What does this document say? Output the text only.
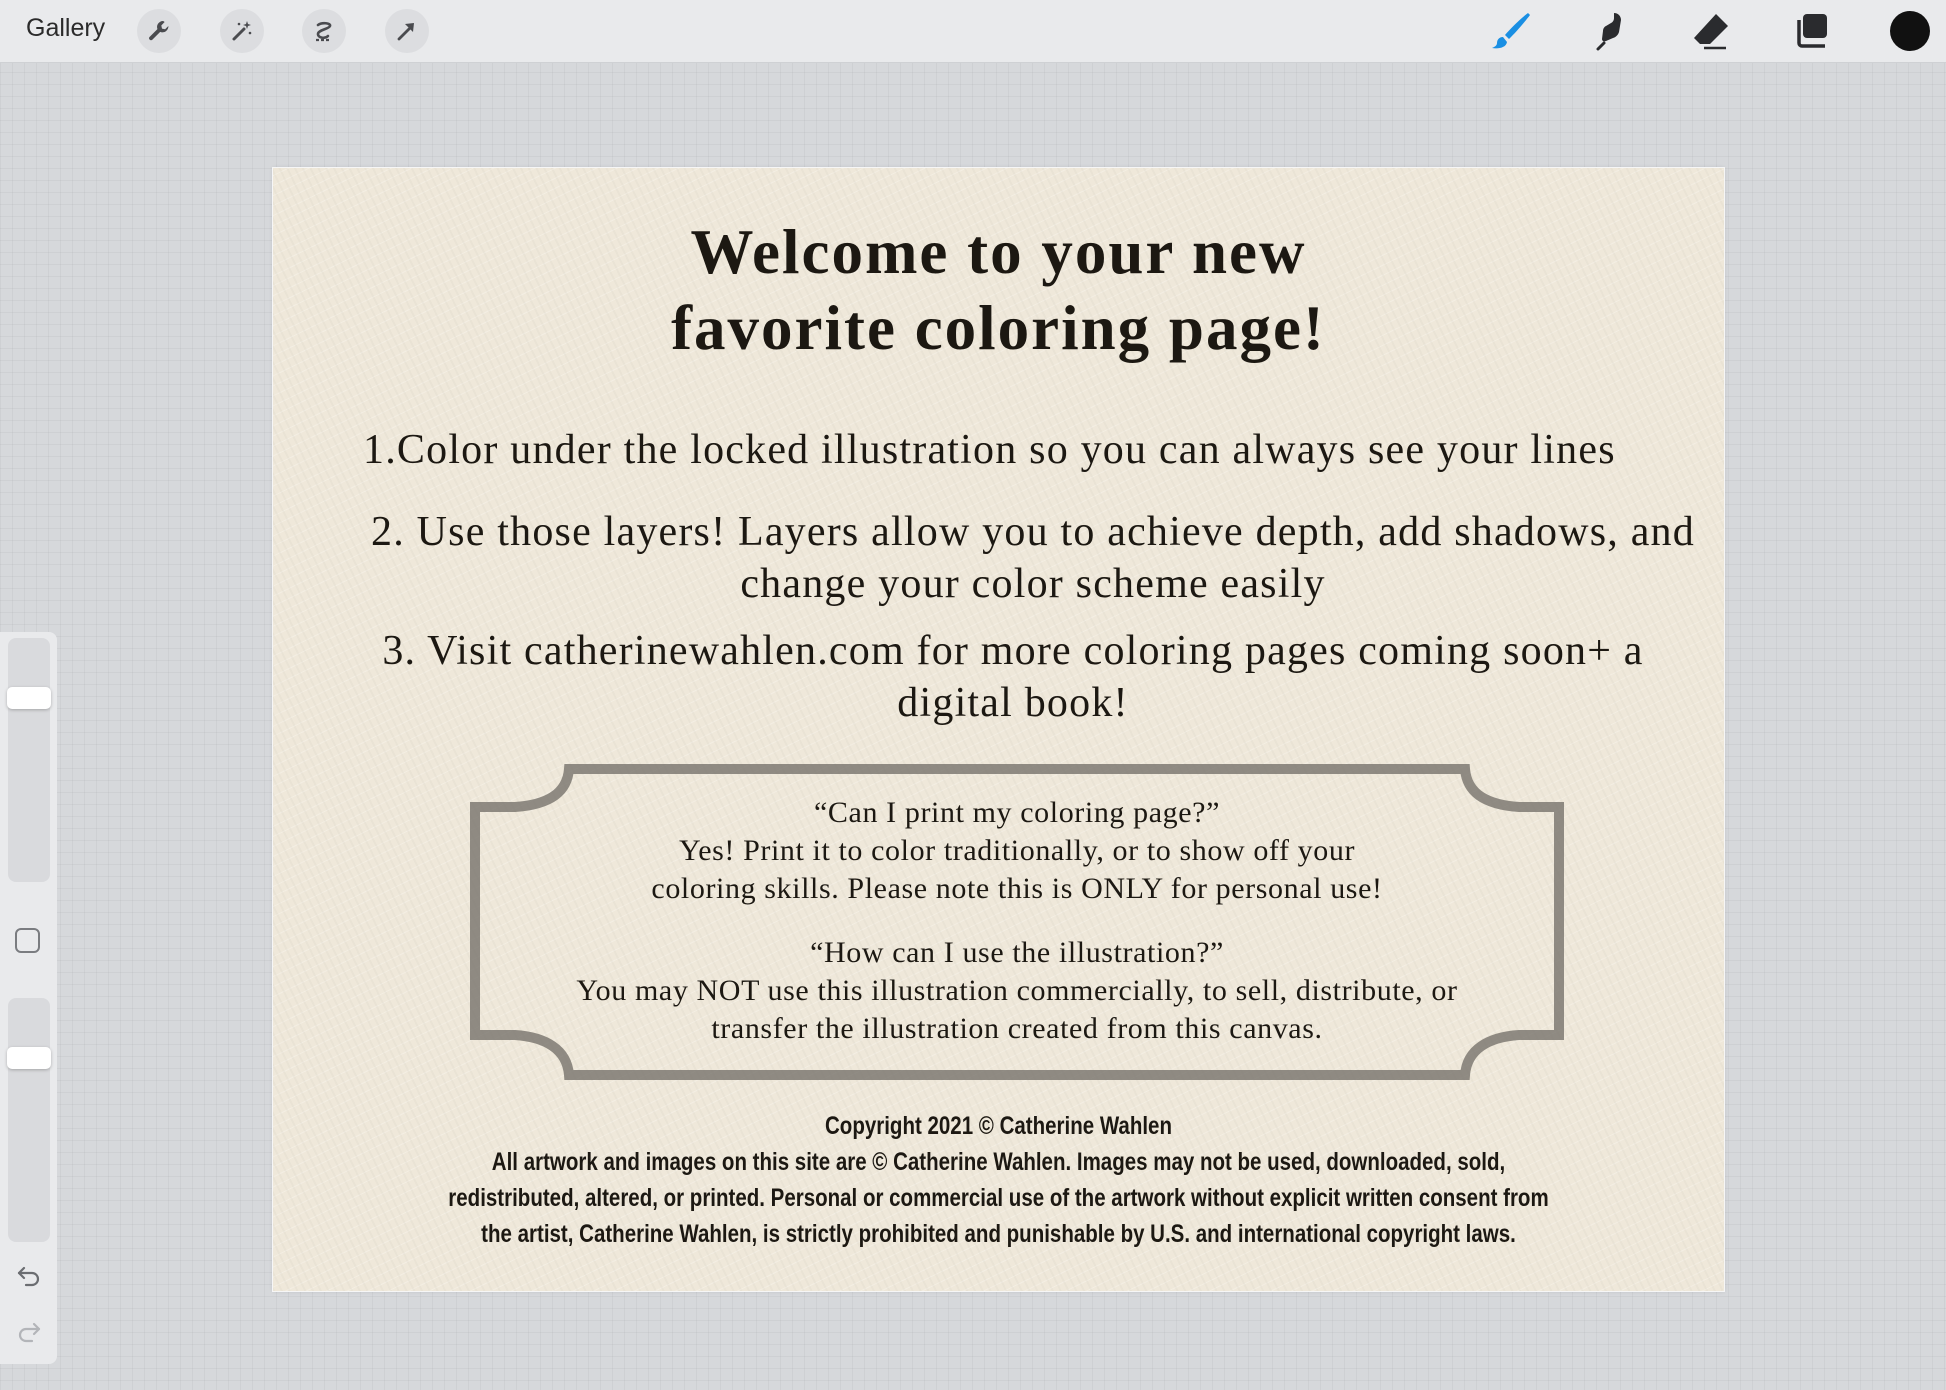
Gallery
Welcome to your new
favorite coloring page!
1.Color under the locked illustration so you can always see your lines
2. Use those layers! Layers allow you to achieve depth, add shadows, and
change your color scheme easily
3. Visit catherinewahlen.com for more coloring pages coming soon+ a
digital book!
“Can I print my coloring page?”
Yes! Print it to color traditionally, or to show off your
coloring skills. Please note this is ONLY for personal use!
“How can I use the illustration?”
You may NOT use this illustration commercially, to sell, distribute, or
transfer the illustration created from this canvas.
Copyright 2021 © Catherine Wahlen
All artwork and images on this site are © Catherine Wahlen. Images may not be used, downloaded, sold,
redistributed, altered, or printed. Personal or commercial use of the artwork without explicit written consent from
the artist, Catherine Wahlen, is strictly prohibited and punishable by U.S. and international copyright laws.
